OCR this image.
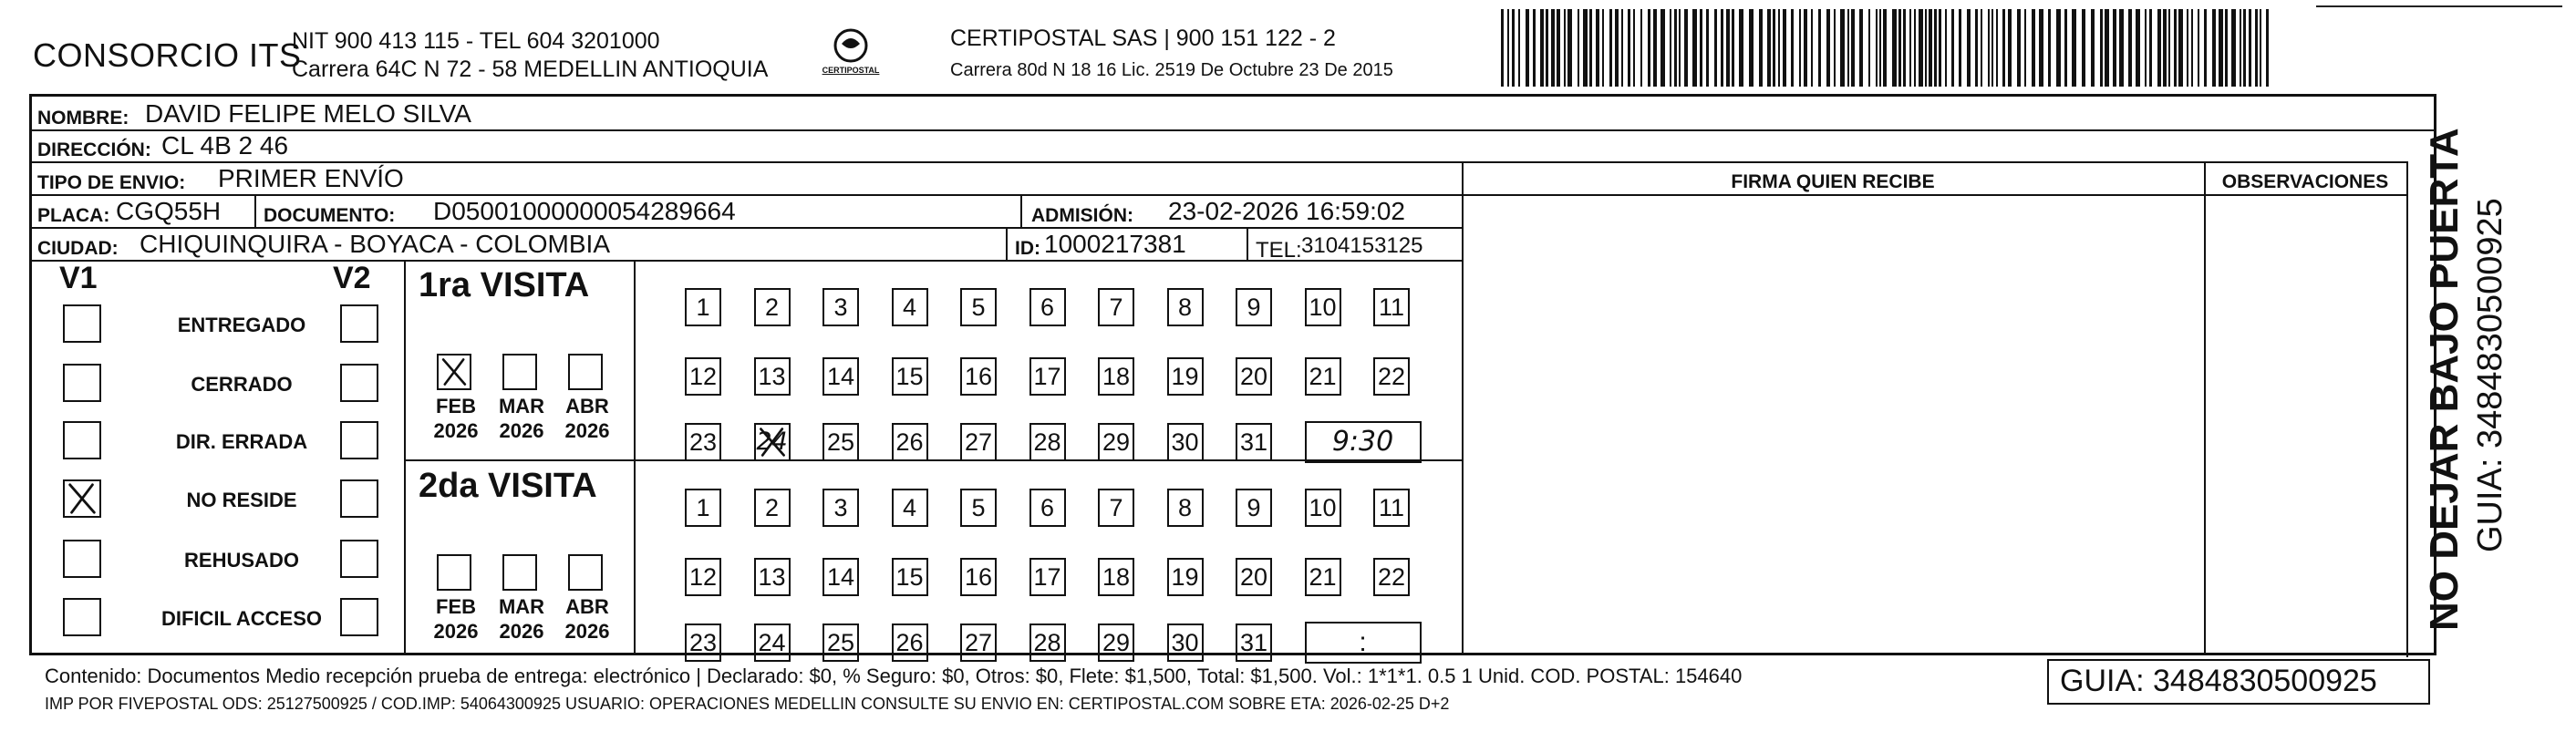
CONSORCIO ITS
NIT 900 413 115 - TEL 604 3201000
Carrera 64C N 72 - 58 MEDELLIN ANTIOQUIA	CERTIPOSTAL
CERTIPOSTAL SAS | 900 151 122 - 2
Carrera 80d N 18 16 Lic. 2519 De Octubre 23 De 2015
NOMBRE: DAVID FELIPE MELO SILVA
DIRECCIÓN: CL 4B 2 46
TIPO DE ENVIO: PRIMER ENVÍO
PLACA: CGQ55H DOCUMENTO: D05001000000054289664	ADMISIÓN: 23-02-2026 16:59:02
CIUDAD: CHIQUINQUIRA - BOYACA - COLOMBIA	ID: 1000217381	TEL: 3104153125
FIRMA QUIEN RECIBE	OBSERVACIONES
V1	V2
ENTREGADO
CERRADO
DIR. ERRADA
NO RESIDE
REHUSADO
DIFICIL ACCESO
1ra VISITA
FEB
2026
MAR
2026
ABR
2026
1	2	3	4	5	6	7	8	9	10 11
12 13 14 15 16 17 18 19 20 21 22
23 24 25 26 27 28 29 30 31	9:30
2da VISITA
FEB
2026
MAR
2026
ABR
2026
1	2	3	4	5	6	7	8	9	10 11
12 13 14 15 16 17 18 19 20 21 22
23 24 25 26 27 28 29 30 31	:
Contenido: Documentos Medio recepción prueba de entrega: electrónico | Declarado: $0, % Seguro: $0, Otros: $0, Flete: $1,500, Total: $1,500. Vol.: 1*1*1. 0.5 1 Unid. COD. POSTAL: 154640
IMP POR FIVEPOSTAL ODS: 25127500925 / COD.IMP: 54064300925 USUARIO: OPERACIONES MEDELLIN CONSULTE SU ENVIO EN: CERTIPOSTAL.COM SOBRE ETA: 2026-02-25 D+2
GUIA: 3484830500925
NO DEJAR BAJO PUERTA GUIA: 3484830500925
